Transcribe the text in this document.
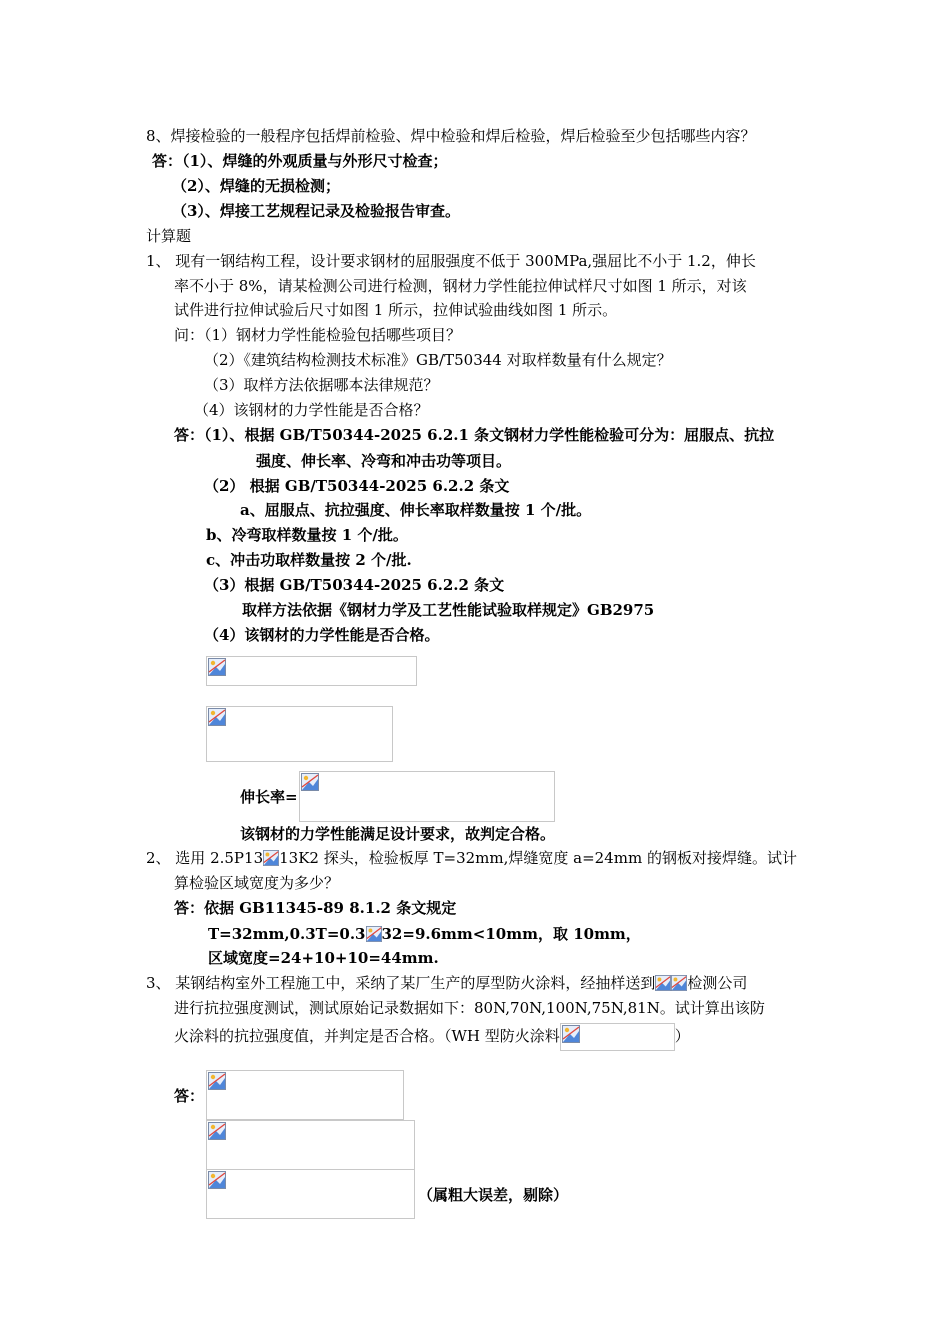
8、焊接检验的一般程序包括焊前检验、焊中检验和焊后检验，焊后检验至少包括哪些内容？
答：（1）、焊缝的外观质量与外形尺寸检查；
（2）、焊缝的无损检测；
（3）、焊接工艺规程记录及检验报告审查。
计算题
1、 现有一钢结构工程，设计要求钢材的屈服强度不低于 300MPa,强屈比不小于 1.2，伸长
率不小于 8%，请某检测公司进行检测，钢材力学性能拉伸试样尺寸如图 1 所示，对该
试件进行拉伸试验后尺寸如图 1 所示，拉伸试验曲线如图 1 所示。
问：（1）钢材力学性能检验包括哪些项目？
（2）《建筑结构检测技术标准》GB/T50344 对取样数量有什么规定？
（3）取样方法依据哪本法律规范？
（4）该钢材的力学性能是否合格？
答：（1）、根据 GB/T50344-2025 6.2.1 条文钢材力学性能检验可分为：屈服点、抗拉
强度、伸长率、冷弯和冲击功等项目。
（2） 根据 GB/T50344-2025 6.2.2 条文
a、屈服点、抗拉强度、伸长率取样数量按 1 个/批。
b、冷弯取样数量按 1 个/批。
c、冲击功取样数量按 2 个/批.
（3）根据 GB/T50344-2025 6.2.2 条文
取样方法依据《钢材力学及工艺性能试验取样规定》GB2975
（4）该钢材的力学性能是否合格。
伸长率=
该钢材的力学性能满足设计要求，故判定合格。
2、 选用 2.5P13 13K2 探头，检验板厚 T=32mm,焊缝宽度 a=24mm 的钢板对接焊缝。试计
算检验区域宽度为多少？
答：依据 GB11345-89 8.1.2 条文规定
T=32mm,0.3T=0.3 32=9.6mm<10mm，取 10mm，
区域宽度=24+10+10=44mm.
3、 某钢结构室外工程施工中，采纳了某厂生产的厚型防火涂料，经抽样送到 检测公司
进行抗拉强度测试，测试原始记录数据如下：80N,70N,100N,75N,81N。试计算出该防
火涂料的抗拉强度值，并判定是否合格。（WH 型防火涂料	）
答：
（属粗大误差，剔除）
